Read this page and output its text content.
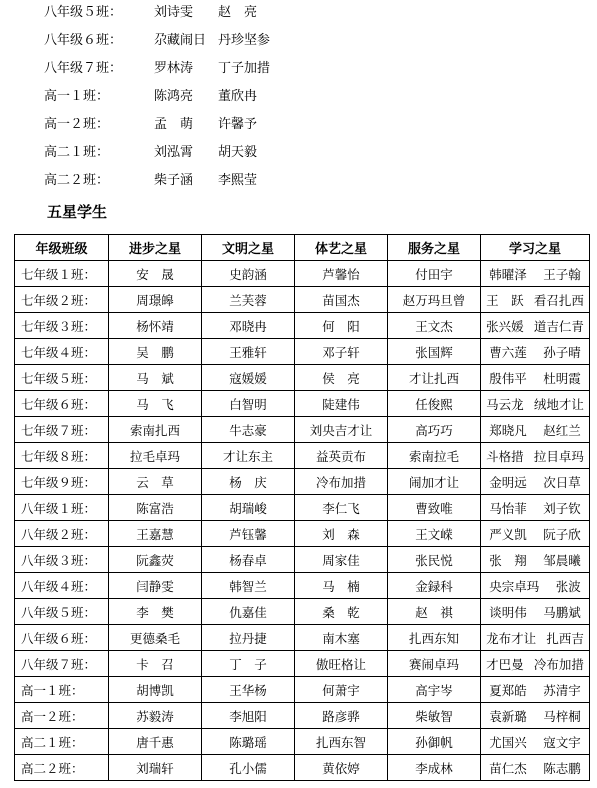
八年级５班： 刘诗雯 赵　亮
八年级６班： 尕藏闹日 丹珍坚参
八年级７班： 罗林涛 丁子加措
高一１班：	陈鸿亮 董欣冉
高一２班：	孟　萌 许馨予
高二１班：	刘泓霄 胡天毅
高二２班：	柴子涵 李熙莹
五星学生
年级班级	进步之星	文明之星	体艺之星	服务之星	学习之星
七年级１班：	安　晟	史韵涵	芦馨怡	付田宇	韩曜泽 王子翰

七年级２班：	周璟皞	兰芙蓉	苗国杰	赵万玛旦曾	王　跃 看召扎西

七年级３班：	杨怀靖	邓晓冉	何　阳	王文杰	张兴媛 道吉仁青

七年级４班：	吴　鹏	王雅轩	邓子轩	张国辉	曹六莲 孙子晴

七年级５班：	马　斌	寇媛媛	侯　亮	才让扎西	殷伟平 杜明霞

七年级６班：	马　飞	白智明	陡建伟	任俊熙	马云龙 绒地才让

七年级７班：	索南扎西	牛志豪	刘央吉才让	高巧巧	郑晓凡 赵红兰

七年级８班：	拉毛卓玛	才让东主	益英贡布	索南拉毛	斗格措 拉目卓玛

七年级９班：	云　草	杨　庆	冷布加措	闹加才让	金明远 次日草

八年级１班：	陈富浩	胡瑞峻	李仁飞	曹致唯	马怡菲 刘子钦

八年级２班：	王嘉慧	芦钰馨	刘　森	王文嵘	严义凯 阮子欣

八年级３班：	阮鑫荧	杨春卓	周家佳	张民悦	张　翔 邹晨曦

八年级４班：	闫静雯	韩智兰	马　楠	金録科	央宗卓玛 张波

八年级５班：	李　樊	仇嘉佳	桑　乾	赵　祺	谈明伟 马鹏斌

八年级６班：	更德桑毛	拉丹捷	南木塞	扎西东知	龙布才让 扎西吉

八年级７班：	卡　召	丁　子	傲旺格让	赛闹卓玛	才巴曼 冷布加措

高一１班：	胡博凯	王华杨	何萧宇	高宇岑	夏郑皓 苏清宇

高一２班：	苏毅涛	李旭阳	路彦骅	柴敏智	袁新璐 马梓桐

高二１班：	唐千惠	陈璐瑶	扎西东智	孙御帆	尤国兴 寇文宇

高二２班：	刘瑞轩	孔小儒	黄依婷	李成林	苗仁杰 陈志鹏
